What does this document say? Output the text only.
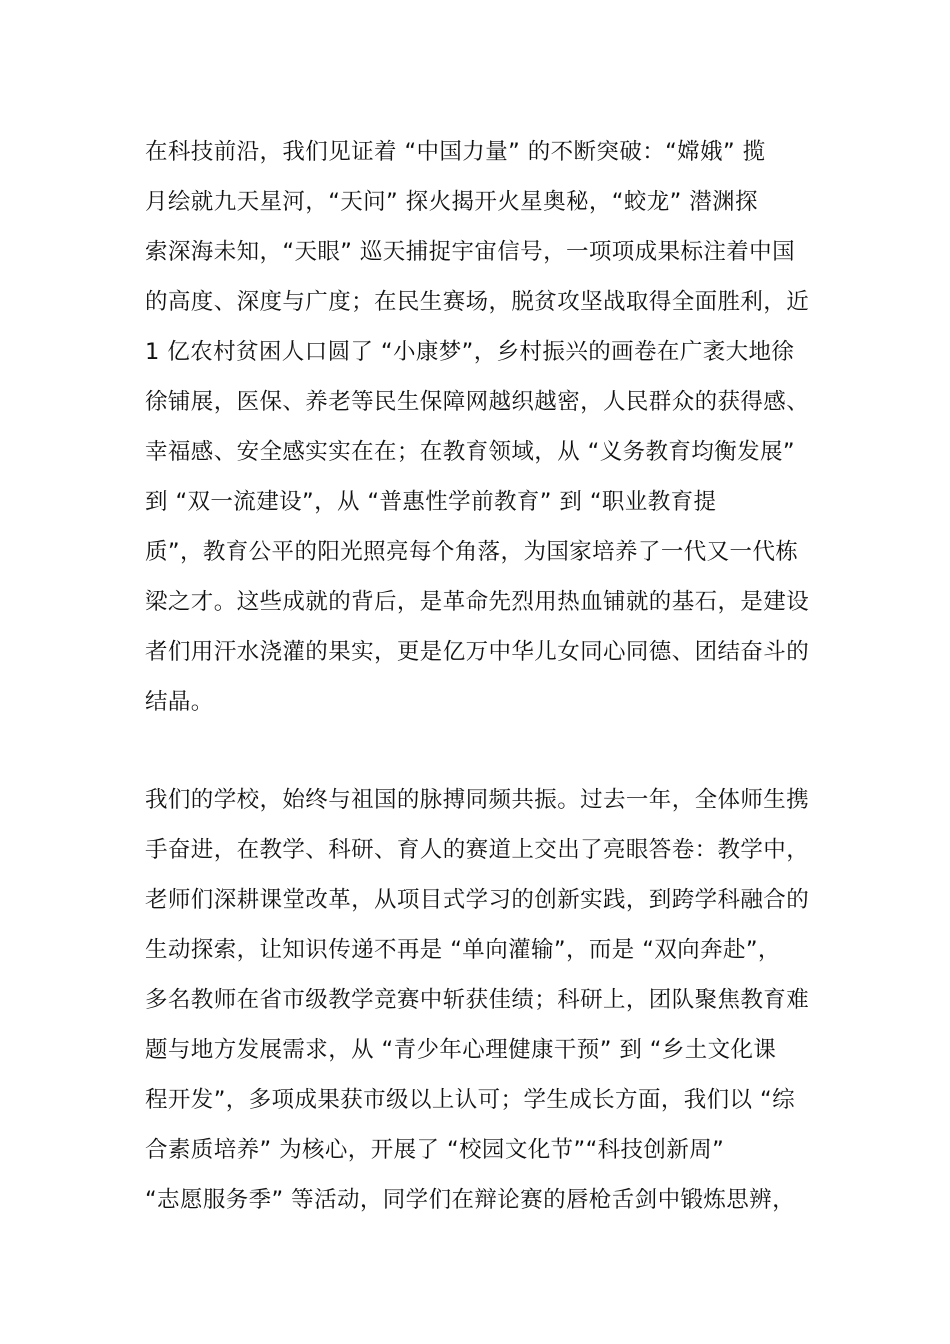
在科技前沿，我们见证着 “中国力量” 的不断突破：“嫦娥” 揽
月绘就九天星河，“天问” 探火揭开火星奥秘，“蛟龙” 潜渊探
索深海未知，“天眼” 巡天捕捉宇宙信号，一项项成果标注着中国
的高度、深度与广度；在民生赛场，脱贫攻坚战取得全面胜利，近
1 亿农村贫困人口圆了 “小康梦”，乡村振兴的画卷在广袤大地徐
徐铺展，医保、养老等民生保障网越织越密，人民群众的获得感、
幸福感、安全感实实在在；在教育领域，从 “义务教育均衡发展”
到 “双一流建设”，从 “普惠性学前教育” 到 “职业教育提
质”，教育公平的阳光照亮每个角落，为国家培养了一代又一代栋
梁之才。这些成就的背后，是革命先烈用热血铺就的基石，是建设
者们用汗水浇灌的果实，更是亿万中华儿女同心同德、团结奋斗的
结晶。
我们的学校，始终与祖国的脉搏同频共振。过去一年，全体师生携
手奋进，在教学、科研、育人的赛道上交出了亮眼答卷：教学中，
老师们深耕课堂改革，从项目式学习的创新实践，到跨学科融合的
生动探索，让知识传递不再是 “单向灌输”，而是 “双向奔赴”，
多名教师在省市级教学竞赛中斩获佳绩；科研上，团队聚焦教育难
题与地方发展需求，从 “青少年心理健康干预” 到 “乡土文化课
程开发”，多项成果获市级以上认可；学生成长方面，我们以 “综
合素质培养” 为核心，开展了 “校园文化节”“科技创新周”
“志愿服务季” 等活动，同学们在辩论赛的唇枪舌剑中锻炼思辨，
